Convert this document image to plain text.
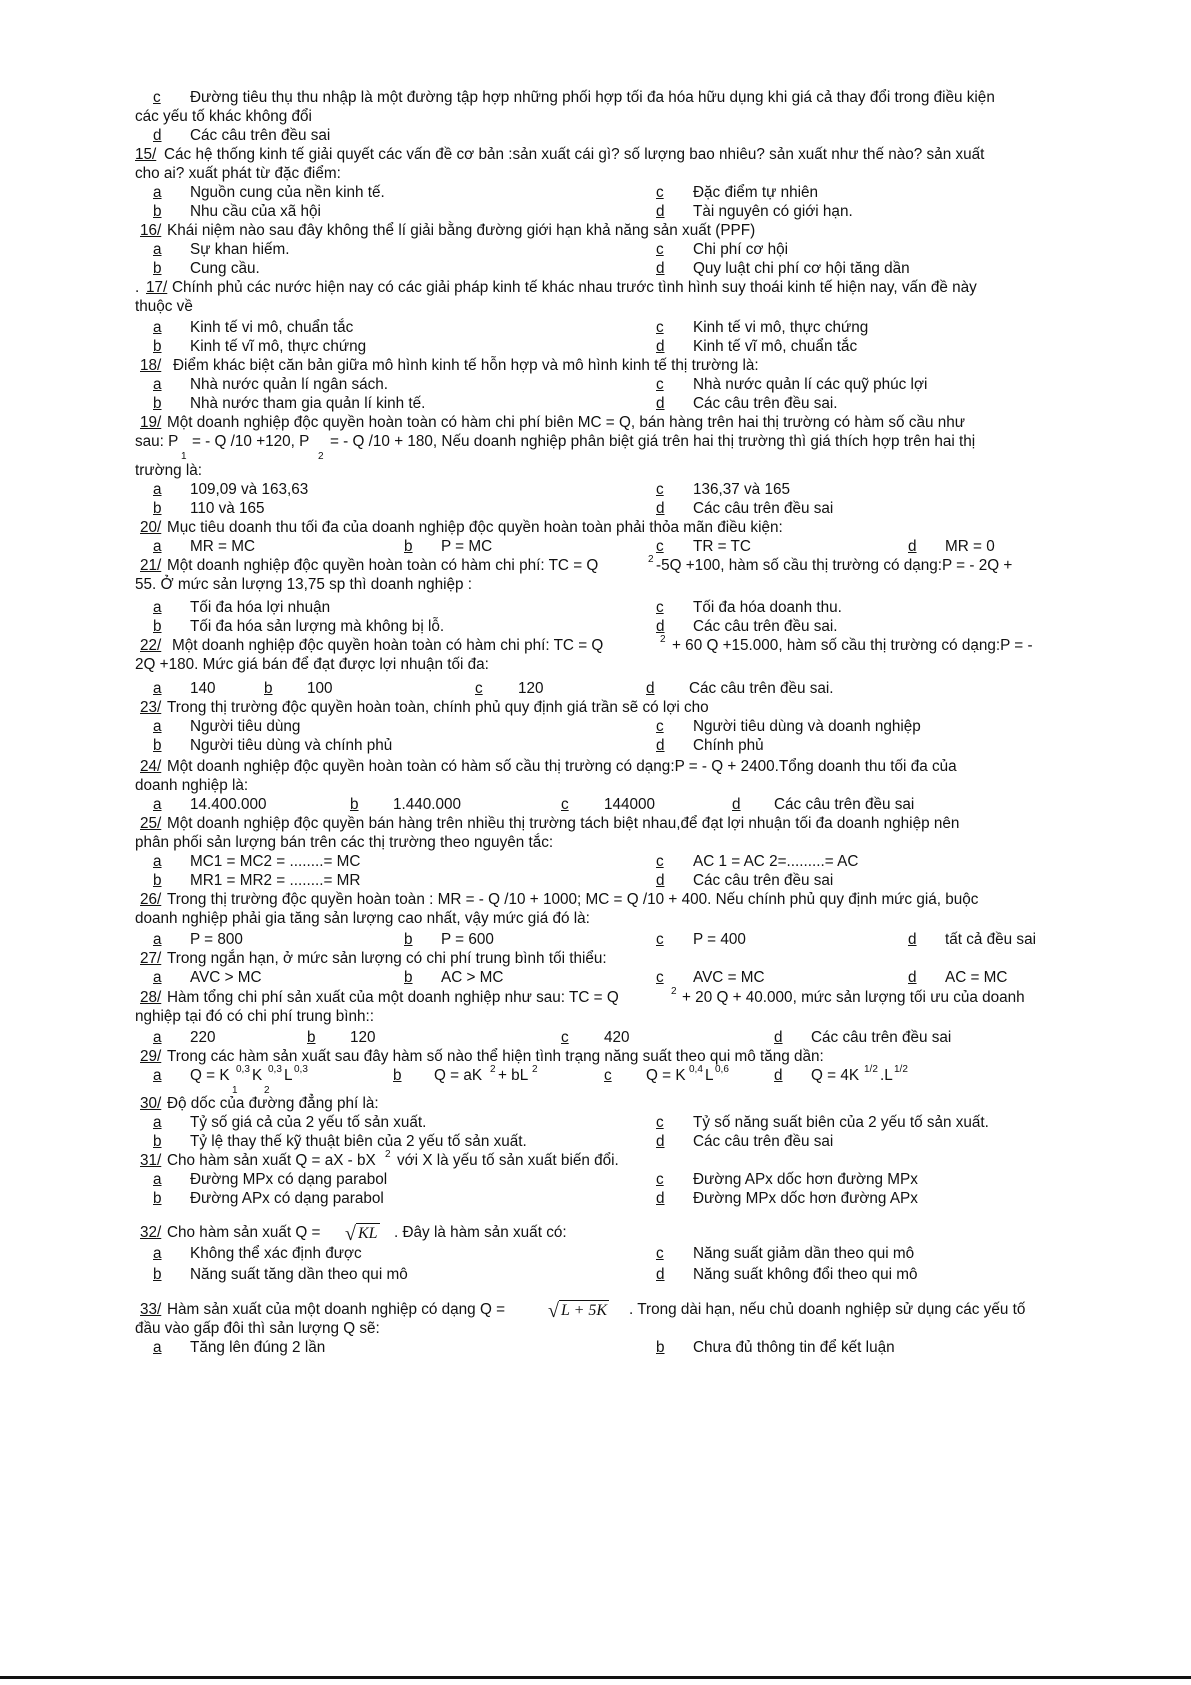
c Đường tiêu thụ thu nhập là một đường tập hợp những phối hợp tối đa hóa hữu dụng khi giá cả thay đổi trong điều kiện
các yếu tố khác không đổi
d Các câu trên đều sai
15/ Các hệ thống kinh tế giải quyết các vấn đề cơ bản :sản xuất cái gì? số lượng bao nhiêu? sản xuất như thế nào? sản xuất
cho ai? xuất phát từ đặc điểm:
a Nguồn cung của nền kinh tế.	c Đặc điểm tự nhiên
b Nhu cầu của xã hội	d Tài nguyên có giới hạn.
16/ Khái niệm nào sau đây không thể lí giải bằng đường giới hạn khả năng sản xuất (PPF)
a Sự khan hiếm.	c Chi phí cơ hội
b Cung cầu.	d Quy luật chi phí cơ hội tăng dần
. 17/ Chính phủ các nước hiện nay có các giải pháp kinh tế khác nhau trước tình hình suy thoái kinh tế hiện nay, vấn đề này
thuộc về
a Kinh tế vi mô, chuẩn tắc	c Kinh tế vi mô, thực chứng
b Kinh tế vĩ mô, thực chứng	d Kinh tế vĩ mô, chuẩn tắc
18/ Điểm khác biệt căn bản giữa mô hình kinh tế hỗn hợp và mô hình kinh tế thị trường là:
a Nhà nước quản lí ngân sách.	c Nhà nước quản lí các quỹ phúc lợi
b Nhà nước tham gia quản lí kinh tế.	d Các câu trên đều sai.
19/ Một doanh nghiệp độc quyền hoàn toàn có hàm chi phí biên MC = Q, bán hàng trên hai thị trường có hàm số cầu như
sau: P
$_1$
= - Q /10 +120, P
$_2$
= - Q /10 + 180, Nếu doanh nghiệp phân biệt giá trên hai thị trường thì giá thích hợp trên hai thị
trường là:
a 109,09 và 163,63	c 136,37 và 165
b 110 và 165	d Các câu trên đều sai
20/ Mục tiêu doanh thu tối đa của doanh nghiệp độc quyền hoàn toàn phải thỏa mãn điều kiện:
a MR = MC	b P = MC	c TR = TC	d MR = 0
21/ Một doanh nghiệp độc quyền hoàn toàn có hàm chi phí: TC = Q	$^2$ -5Q +100, hàm số cầu thị trường có dạng:P = - 2Q +
55. Ở mức sản lượng 13,75 sp thì doanh nghiệp :
a Tối đa hóa lợi nhuận	c Tối đa hóa doanh thu.
b Tối đa hóa sản lượng mà không bị lỗ.	d Các câu trên đều sai.
22/ Một doanh nghiệp độc quyền hoàn toàn có hàm chi phí: TC = Q	$^2$ + 60 Q +15.000, hàm số cầu thị trường có dạng:P = -
2Q +180. Mức giá bán để đạt được lợi nhuận tối đa:
a 140	b 100	c 120	d Các câu trên đều sai.
23/ Trong thị trường độc quyền hoàn toàn, chính phủ quy định giá trần sẽ có lợi cho
a Người tiêu dùng	c Người tiêu dùng và doanh nghiệp
b Người tiêu dùng và chính phủ	d Chính phủ
24/ Một doanh nghiệp độc quyền hoàn toàn có hàm số cầu thị trường có dạng:P = - Q + 2400.Tổng doanh thu tối đa của
doanh nghiệp là:
a 14.400.000	b 1.440.000	c 144000	d Các câu trên đều sai
25/ Một doanh nghiệp độc quyền bán hàng trên nhiều thị trường tách biệt nhau,để đạt lợi nhuận tối đa doanh nghiệp nên
phân phối sản lượng bán trên các thị trường theo nguyên tắc:
a MC1 = MC2 = ........= MC	c AC 1 = AC 2=.........= AC
b MR1 = MR2 = ........= MR	d Các câu trên đều sai
26/ Trong thị trường độc quyền hoàn toàn : MR = - Q /10 + 1000; MC = Q /10 + 400. Nếu chính phủ quy định mức giá, buộc
doanh nghiệp phải gia tăng sản lượng cao nhất, vậy mức giá đó là:
a P = 800	b P = 600	c P = 400	d tất cả đều sai
27/ Trong ngắn hạn, ở mức sản lượng có chi phí trung bình tối thiểu:
a AVC > MC	b AC > MC	c AVC = MC	d AC = MC
28/ Hàm tổng chi phí sản xuất của một doanh nghiệp như sau: TC = Q	$^2$ + 20 Q + 40.000, mức sản lượng tối ưu của doanh
nghiệp tại đó có chi phí trung bình::
a 220	b 120	c 420	d Các câu trên đều sai
29/ Trong các hàm sản xuất sau đây hàm số nào thể hiện tình trạng năng suất theo qui mô tăng dần:
a Q = K
$_1$
$^{0,3}$ K
$_2$
$^{0,3}$ L $^{0,3}$	b Q = aK $^2$ + bL $^2$	c Q = K $^{0,4}$ L $^{0,6}$	d Q = 4K $^{1/2}$ .L $^{1/2}$
30/ Độ dốc của đường đẳng phí là:
a Tỷ số giá cả của 2 yếu tố sản xuất.	c Tỷ số năng suất biên của 2 yếu tố sản xuất.
b Tỷ lệ thay thế kỹ thuật biên của 2 yếu tố sản xuất.	d Các câu trên đều sai
31/ Cho hàm sản xuất Q = aX - bX $^2$ với X là yếu tố sản xuất biến đổi.
a Đường MPx có dạng parabol	c Đường APx dốc hơn đường MPx
b Đường APx có dạng parabol	d Đường MPx dốc hơn đường APx
32/ Cho hàm sản xuất Q = √ KL . Đây là hàm sản xuất có:
a Không thể xác định được	c Năng suất giảm dần theo qui mô
b Năng suất tăng dần theo qui mô	d Năng suất không đổi theo qui mô
33/ Hàm sản xuất của một doanh nghiệp có dạng Q = √ L + 5K . Trong dài hạn, nếu chủ doanh nghiệp sử dụng các yếu tố
đầu vào gấp đôi thì sản lượng Q sẽ:
a Tăng lên đúng 2 lần	b Chưa đủ thông tin để kết luận
